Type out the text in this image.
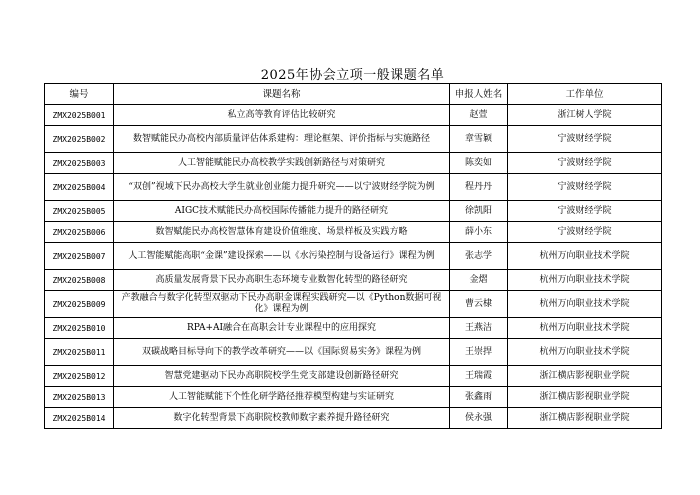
2025年协会立项一般课题名单
编号	课题名称	申报人姓名	工作单位
ZMX2025B001	私立高等教育评估比较研究	赵萱	浙江树人学院
ZMX2025B002	数智赋能民办高校内部质量评估体系建构：理论框架、评价指标与实施路径	章雪颖	宁波财经学院
ZMX2025B003	人工智能赋能民办高校教学实践创新路径与对策研究	陈奕如	宁波财经学院
ZMX2025B004	“双创”视域下民办高校大学生就业创业能力提升研究——以宁波财经学院为例	程丹丹	宁波财经学院
ZMX2025B005	AIGC技术赋能民办高校国际传播能力提升的路径研究	徐凯阳	宁波财经学院
ZMX2025B006	数智赋能民办高校智慧体育建设价值维度、场景样板及实践方略	薛小东	宁波财经学院
ZMX2025B007	人工智能赋能高职“金课”建设探索——以《水污染控制与设备运行》课程为例	张志学	杭州万向职业技术学院
ZMX2025B008	高质量发展背景下民办高职生态环境专业数智化转型的路径研究	金熠	杭州万向职业技术学院
ZMX2025B009	产教融合与数字化转型双驱动下民办高职金课程实践研究—以《Python数据可视化》课程为例	曹云棣	杭州万向职业技术学院
ZMX2025B010	RPA+AI融合在高职会计专业课程中的应用探究	王燕洁	杭州万向职业技术学院
ZMX2025B011	双碳战略目标导向下的教学改革研究——以《国际贸易实务》课程为例	王崇捍	杭州万向职业技术学院
ZMX2025B012	智慧党建驱动下民办高职院校学生党支部建设创新路径研究	王瑞霞	浙江横店影视职业学院
ZMX2025B013	人工智能赋能下个性化研学路径推荐模型构建与实证研究	张鑫雨	浙江横店影视职业学院
ZMX2025B014	数字化转型背景下高职院校教师数字素养提升路径研究	侯永强	浙江横店影视职业学院
